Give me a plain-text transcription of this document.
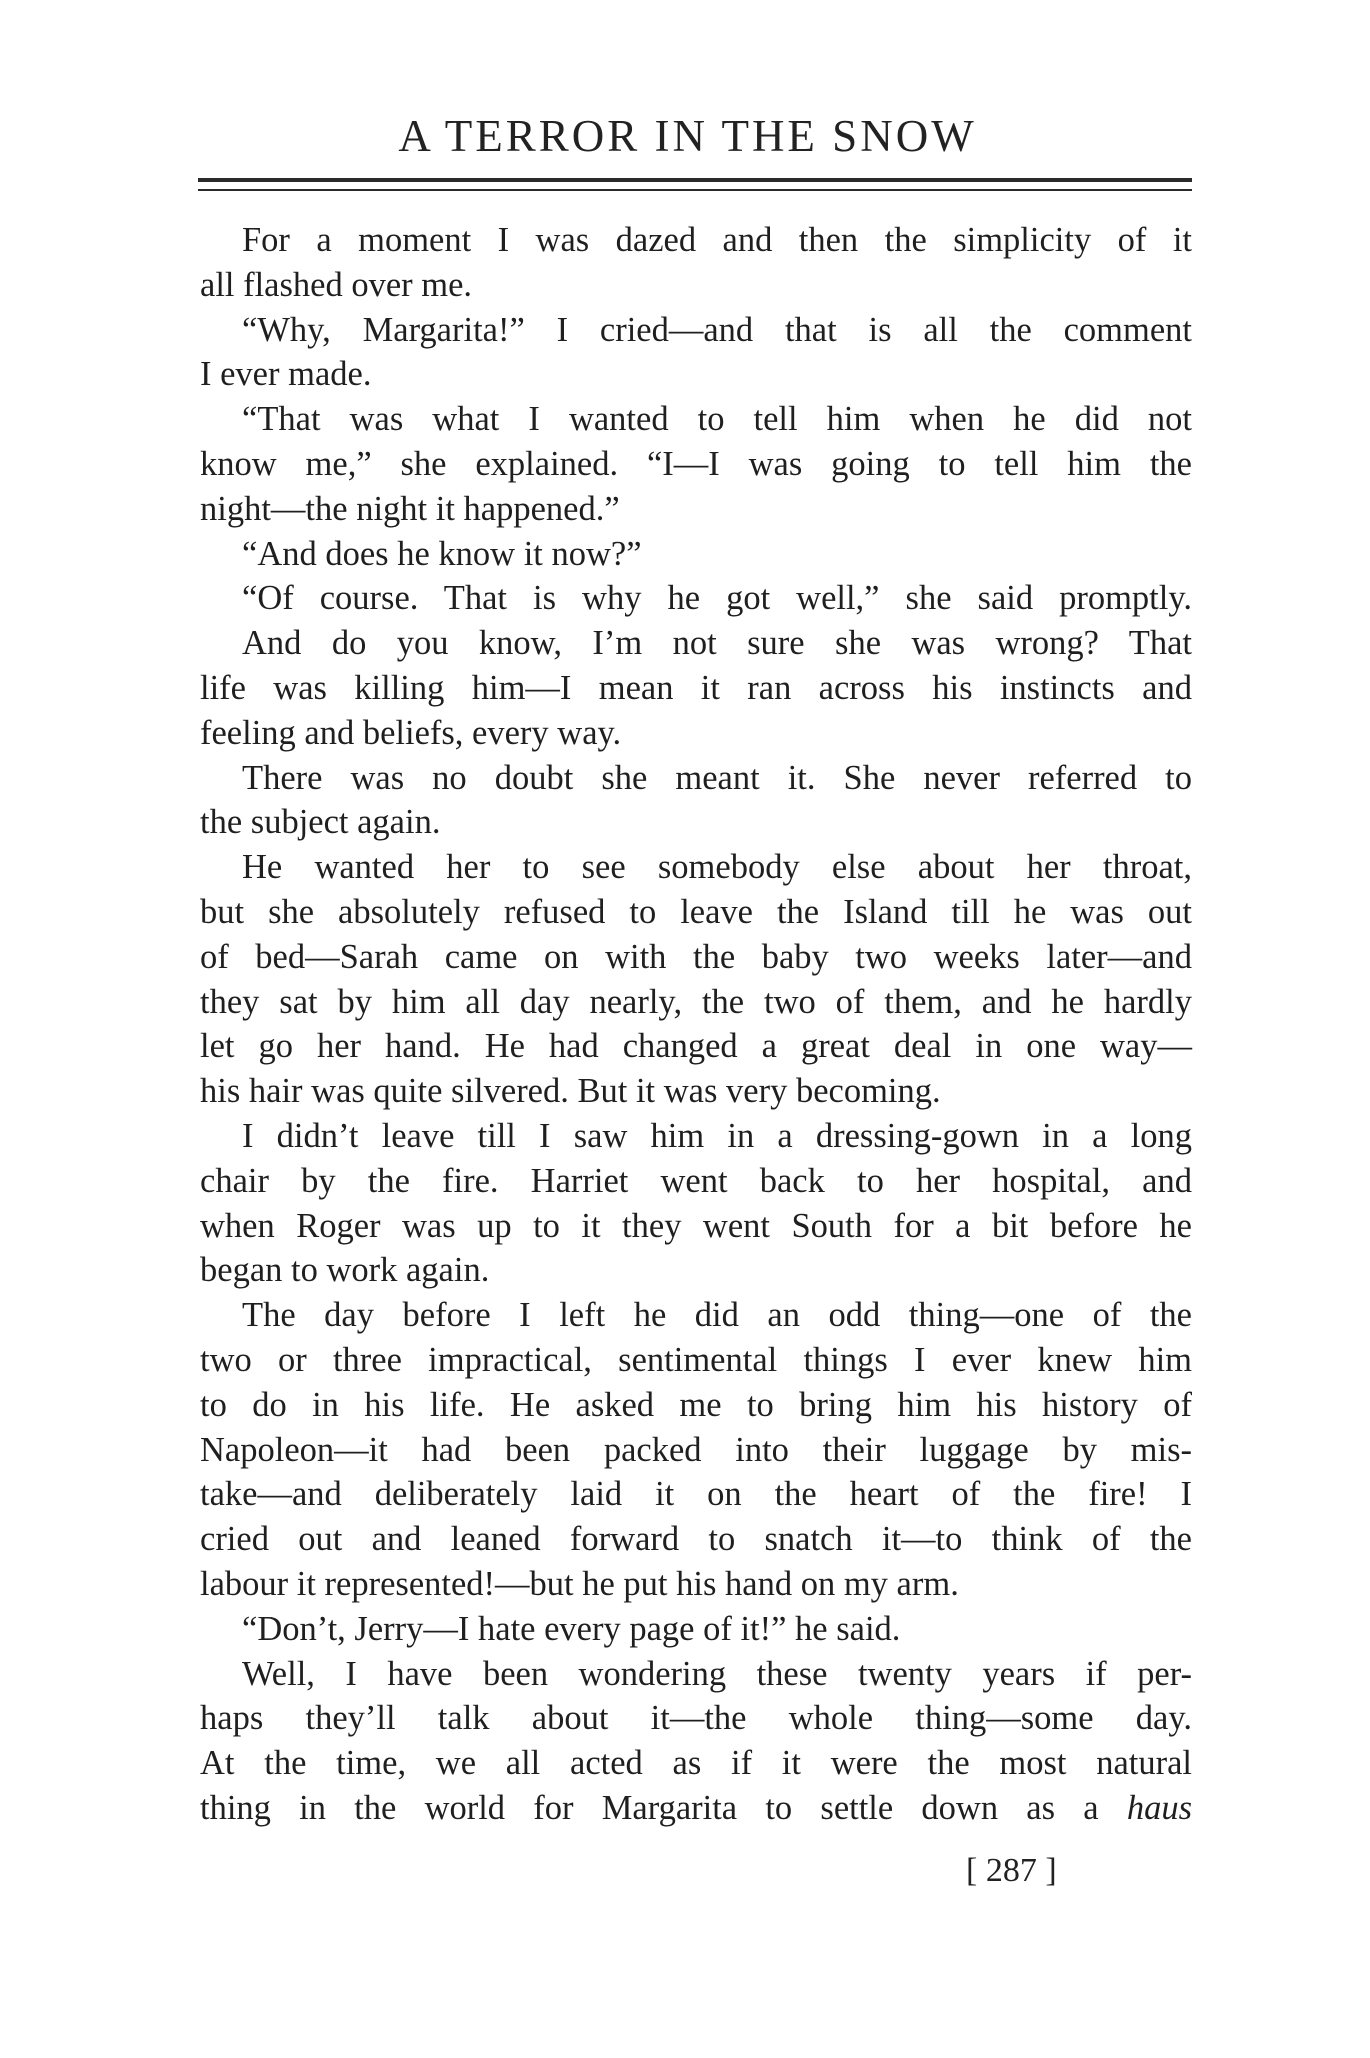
A TERROR IN THE SNOW
For a moment I was dazed and then the simplicity of it
all flashed over me.
“Why, Margarita!” I cried—and that is all the comment
I ever made.
“That was what I wanted to tell him when he did not
know me,” she explained. “I—I was going to tell him the
night—the night it happened.”
“And does he know it now?”
“Of course. That is why he got well,” she said promptly.
And do you know, I’m not sure she was wrong? That
life was killing him—I mean it ran across his instincts and
feeling and beliefs, every way.
There was no doubt she meant it. She never referred to
the subject again.
He wanted her to see somebody else about her throat,
but she absolutely refused to leave the Island till he was out
of bed—Sarah came on with the baby two weeks later—and
they sat by him all day nearly, the two of them, and he hardly
let go her hand. He had changed a great deal in one way—
his hair was quite silvered. But it was very becoming.
I didn’t leave till I saw him in a dressing-gown in a long
chair by the fire. Harriet went back to her hospital, and
when Roger was up to it they went South for a bit before he
began to work again.
The day before I left he did an odd thing—one of the
two or three impractical, sentimental things I ever knew him
to do in his life. He asked me to bring him his history of
Napoleon—it had been packed into their luggage by mis-
take—and deliberately laid it on the heart of the fire! I
cried out and leaned forward to snatch it—to think of the
labour it represented!—but he put his hand on my arm.
“Don’t, Jerry—I hate every page of it!” he said.
Well, I have been wondering these twenty years if per-
haps they’ll talk about it—the whole thing—some day.
At the time, we all acted as if it were the most natural
thing in the world for Margarita to settle down as a haus
[ 287 ]
